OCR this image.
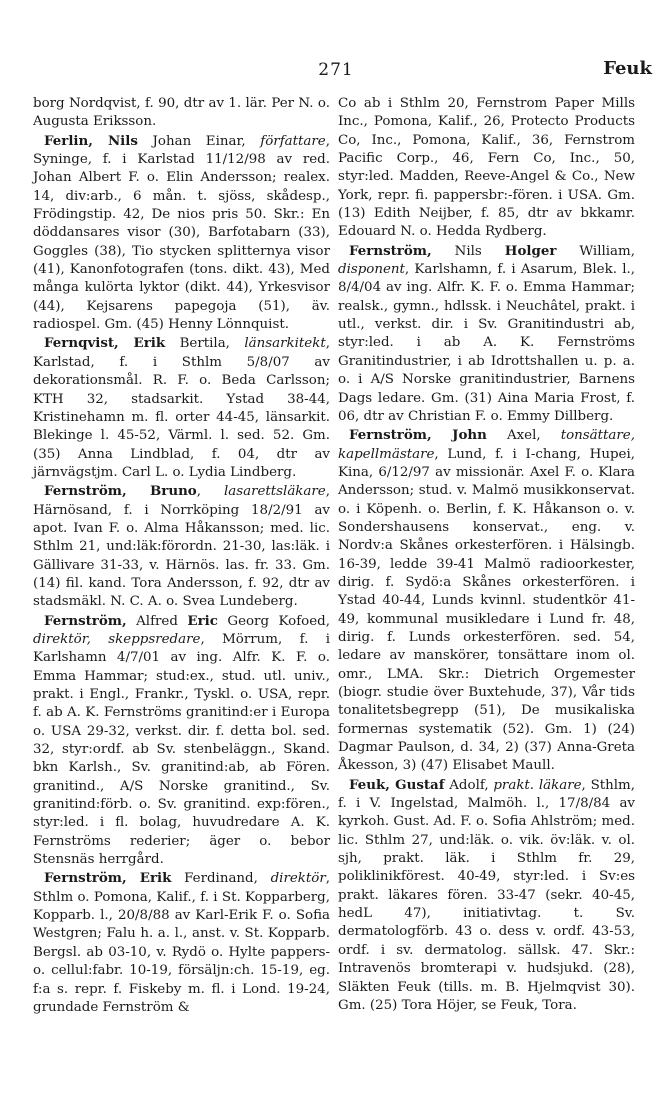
271	Feuk

borg Nordqvist, f. 90, dtr av 1. lär. Per N. o. Augusta Eriksson.

Ferlin, Nils Johan Einar, författare, Syninge, f. i Karlstad 11/12/98 av red. Johan Albert F. o. Elin Andersson; realex. 14, div:arb., 6 mån. t. sjöss, skådesp., Frödingstip. 42, De nios pris 50. Skr.: En döddansares visor (30), Barfotabarn (33), Goggles (38), Tio stycken splitternya visor (41), Kanonfotografen (tons. dikt. 43), Med många kulörta lyktor (dikt. 44), Yrkesvisor (44), Kejsarens papegoja (51), äv. radiospel. Gm. (45) Henny Lönnquist.

Fernqvist, Erik Bertila, länsarkitekt, Karlstad, f. i Sthlm 5/8/07 av dekorationsmål. R. F. o. Beda Carlsson; KTH 32, stadsarkit. Ystad 38-44, Kristinehamn m. fl. orter 44-45, länsarkit. Blekinge l. 45-52, Värml. l. sed. 52. Gm. (35) Anna Lindblad, f. 04, dtr av järnvägstjm. Carl L. o. Lydia Lindberg.

Fernström, Bruno, lasarettsläkare, Härnösand, f. i Norrköping 18/2/91 av apot. Ivan F. o. Alma Håkansson; med. lic. Sthlm 21, und:läk:förordn. 21-30, las:läk. i Gällivare 31-33, v. Härnös. las. fr. 33. Gm. (14) fil. kand. Tora Andersson, f. 92, dtr av stadsmäkl. N. C. A. o. Svea Lundeberg.

Fernström, Alfred Eric Georg Kofoed, direktör, skeppsredare, Mörrum, f. i Karlshamn 4/7/01 av ing. Alfr. K. F. o. Emma Hammar; stud:ex., stud. utl. univ., prakt. i Engl., Frankr., Tyskl. o. USA, repr. f. ab A. K. Fernströms granitind:er i Europa o. USA 29-32, verkst. dir. f. detta bol. sed. 32, styr:ordf. ab Sv. stenbeläggn., Skand. bkn Karlsh., Sv. granitind:ab, ab Fören. granitind., A/S Norske granitind., Sv. granitind:förb. o. Sv. granitind. exp:fören., styr:led. i fl. bolag, huvudredare A. K. Fernströms rederier; äger o. bebor Stensnäs herrgård.

Fernström, Erik Ferdinand, direktör, Sthlm o. Pomona, Kalif., f. i St. Kopparberg, Kopparb. l., 20/8/88 av Karl-Erik F. o. Sofia Westgren; Falu h. a. l., anst. v. St. Kopparb. Bergsl. ab 03-10, v. Rydö o. Hylte pappers- o. cellul:fabr. 10-19, försäljn:ch. 15-19, eg. f:a s. repr. f. Fiskeby m. fl. i Lond. 19-24, grundade Fernström &

Co ab i Sthlm 20, Fernstrom Paper Mills Inc., Pomona, Kalif., 26, Protecto Products Co, Inc., Pomona, Kalif., 36, Fernstrom Pacific Corp., 46, Fern Co, Inc., 50, styr:led. Madden, Reeve-Angel & Co., New York, repr. fi. pappersbr:-fören. i USA. Gm. (13) Edith Neijber, f. 85, dtr av bkkamr. Edouard N. o. Hedda Rydberg.

Fernström, Nils Holger William, disponent, Karlshamn, f. i Asarum, Blek. l., 8/4/04 av ing. Alfr. K. F. o. Emma Hammar; realsk., gymn., hdlssk. i Neuchâtel, prakt. i utl., verkst. dir. i Sv. Granitindustri ab, styr:led. i ab A. K. Fernströms Granitindustrier, i ab Idrottshallen u. p. a. o. i A/S Norske granitindustrier, Barnens Dags ledare. Gm. (31) Aina Maria Frost, f. 06, dtr av Christian F. o. Emmy Dillberg.

Fernström, John Axel, tonsättare, kapellmästare, Lund, f. i I-chang, Hupei, Kina, 6/12/97 av missionär. Axel F. o. Klara Andersson; stud. v. Malmö musikkonservat. o. i Köpenh. o. Berlin, f. K. Håkanson o. v. Sondershausens konservat., eng. v. Nordv:a Skånes orkesterfören. i Hälsingb. 16-39, ledde 39-41 Malmö radioorkester, dirig. f. Sydö:a Skånes orkesterfören. i Ystad 40-44, Lunds kvinnl. studentkör 41-49, kommunal musikledare i Lund fr. 48, dirig. f. Lunds orkesterfören. sed. 54, ledare av manskörer, tonsättare inom ol. omr., LMA. Skr.: Dietrich Orgemester (biogr. studie över Buxtehude, 37), Vår tids tonalitetsbegrepp (51), De musikaliska formernas systematik (52). Gm. 1) (24) Dagmar Paulson, d. 34, 2) (37) Anna-Greta Åkesson, 3) (47) Elisabet Maull.

Feuk, Gustaf Adolf, prakt. läkare, Sthlm, f. i V. Ingelstad, Malmöh. l., 17/8/84 av kyrkoh. Gust. Ad. F. o. Sofia Ahlström; med. lic. Sthlm 27, und:läk. o. vik. öv:läk. v. ol. sjh, prakt. läk. i Sthlm fr. 29, poliklinikförest. 40-49, styr:led. i Sv:es prakt. läkares fören. 33-47 (sekr. 40-45, hedL 47), initiativtag. t. Sv. dermatologförb. 43 o. dess v. ordf. 43-53, ordf. i sv. dermatolog. sällsk. 47. Skr.: Intravenös bromterapi v. hudsjukd. (28), Släkten Feuk (tills. m. B. Hjelmqvist 30). Gm. (25) Tora Höjer, se Feuk, Tora.
